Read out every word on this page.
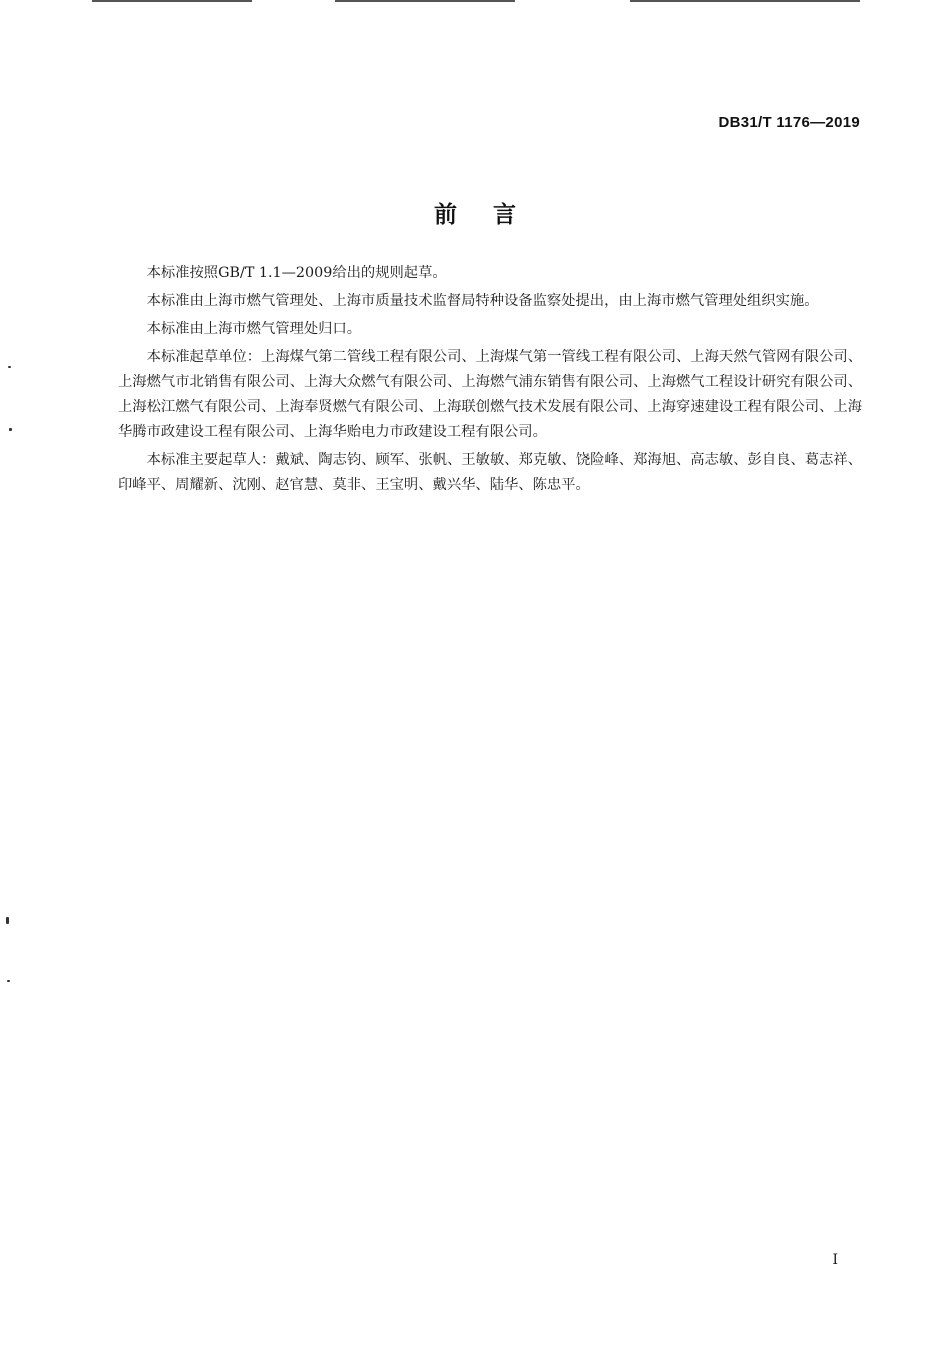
DB31/T 1176—2019

前言

本标准按照GB/T 1.1—2009给出的规则起草。

本标准由上海市燃气管理处、上海市质量技术监督局特种设备监察处提出，由上海市燃气管理处组织实施。

本标准由上海市燃气管理处归口。

本标准起草单位：上海煤气第二管线工程有限公司、上海煤气第一管线工程有限公司、上海天然气管网有限公司、上海燃气市北销售有限公司、上海大众燃气有限公司、上海燃气浦东销售有限公司、上海燃气工程设计研究有限公司、上海松江燃气有限公司、上海奉贤燃气有限公司、上海联创燃气技术发展有限公司、上海穿速建设工程有限公司、上海华腾市政建设工程有限公司、上海华贻电力市政建设工程有限公司。

本标准主要起草人：戴斌、陶志钧、顾军、张帆、王敏敏、郑克敏、饶险峰、郑海旭、高志敏、彭自良、葛志祥、印峰平、周耀新、沈刚、赵官慧、莫非、王宝明、戴兴华、陆华、陈忠平。

I
